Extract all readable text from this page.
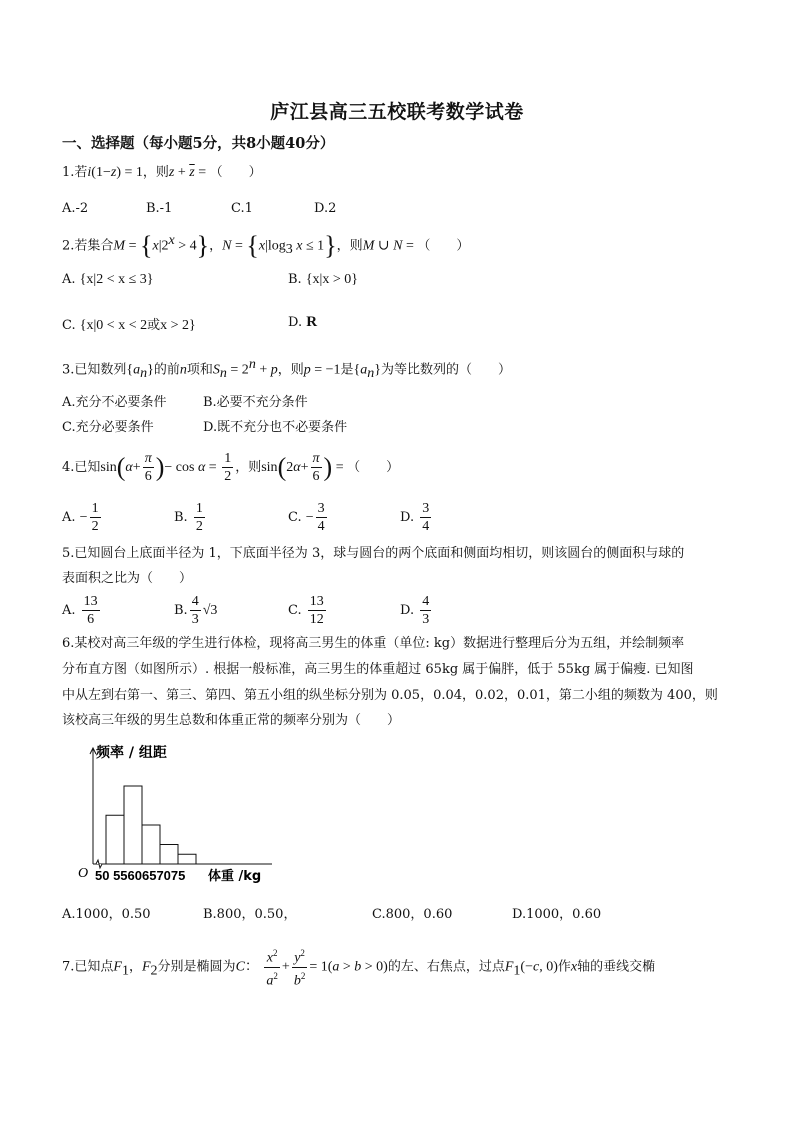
庐江县高三五校联考数学试卷
一、选择题（每小题5分，共8小题40分）
1.若i(1−z) = 1，则$z + \overline{z}$ = （　　）
A.-2	B.-1	C.1	D.2
2.若集合$M = \{x|2^x > 4\}$，$N = \{x|\log_3$ x ≤ 1}，则M ∪ N = （　　）
A. {x|2 < x ≤ 3}	B. {x|x > 0}
C. {x|0 < x < 2或x > 2}	D. R
3.已知数列$\{a_n\}$的前n项和$S_n = 2^n + p$，则p = −1是$\{a_n\}$为等比数列的（　　）
A.充分不必要条件	B.必要不充分条件
C.充分必要条件	D.既不充分也不必要条件
4.已知$\sin(\alpha+ \frac{\pi}{6}$ )− $\cos \alpha = \frac{1}{2}$ ，则$\sin(2\alpha+ \frac{\pi}{6}$ ) = （　　）
A. − $\frac{1}{2}$	B. $\frac{1}{2}$	C. − $\frac{3}{4}$	D. $\frac{3}{4}$
5.已知圆台上底面半径为 1，下底面半径为 3，球与圆台的两个底面和侧面均相切，则该圆台的侧面积与球的
表面积之比为（　　）
A. $\frac{13}{6}$	B. $\frac{4}{3} √3$	C. $\frac{13}{12}$	D. $\frac{4}{3}$
6.某校对高三年级的学生进行体检，现将高三男生的体重（单位: kg）数据进行整理后分为五组，并绘制频率
分布直方图（如图所示）. 根据一般标准，高三男生的体重超过 65kg 属于偏胖，低于 55kg 属于偏瘦. 已知图
中从左到右第一、第三、第四、第五小组的纵坐标分别为 0.05，0.04，0.02，0.01，第二小组的频数为 400，则
该校高三年级的男生总数和体重正常的频率分别为（　　）
频率 / 组距
O 50 5560657075 体重 /kg
A.1000，0.50	B.800，0.50，	C.800，0.60	D.1000，0.60
7.已知点$F_1$，$F_2$分别是椭圆为C： $\frac{x^2}{a^2} + \frac{y^2}{b^2} = 1(a > b > 0)$的左、右焦点，过点$F_1(-c$, 0)作x轴的垂线交椭
